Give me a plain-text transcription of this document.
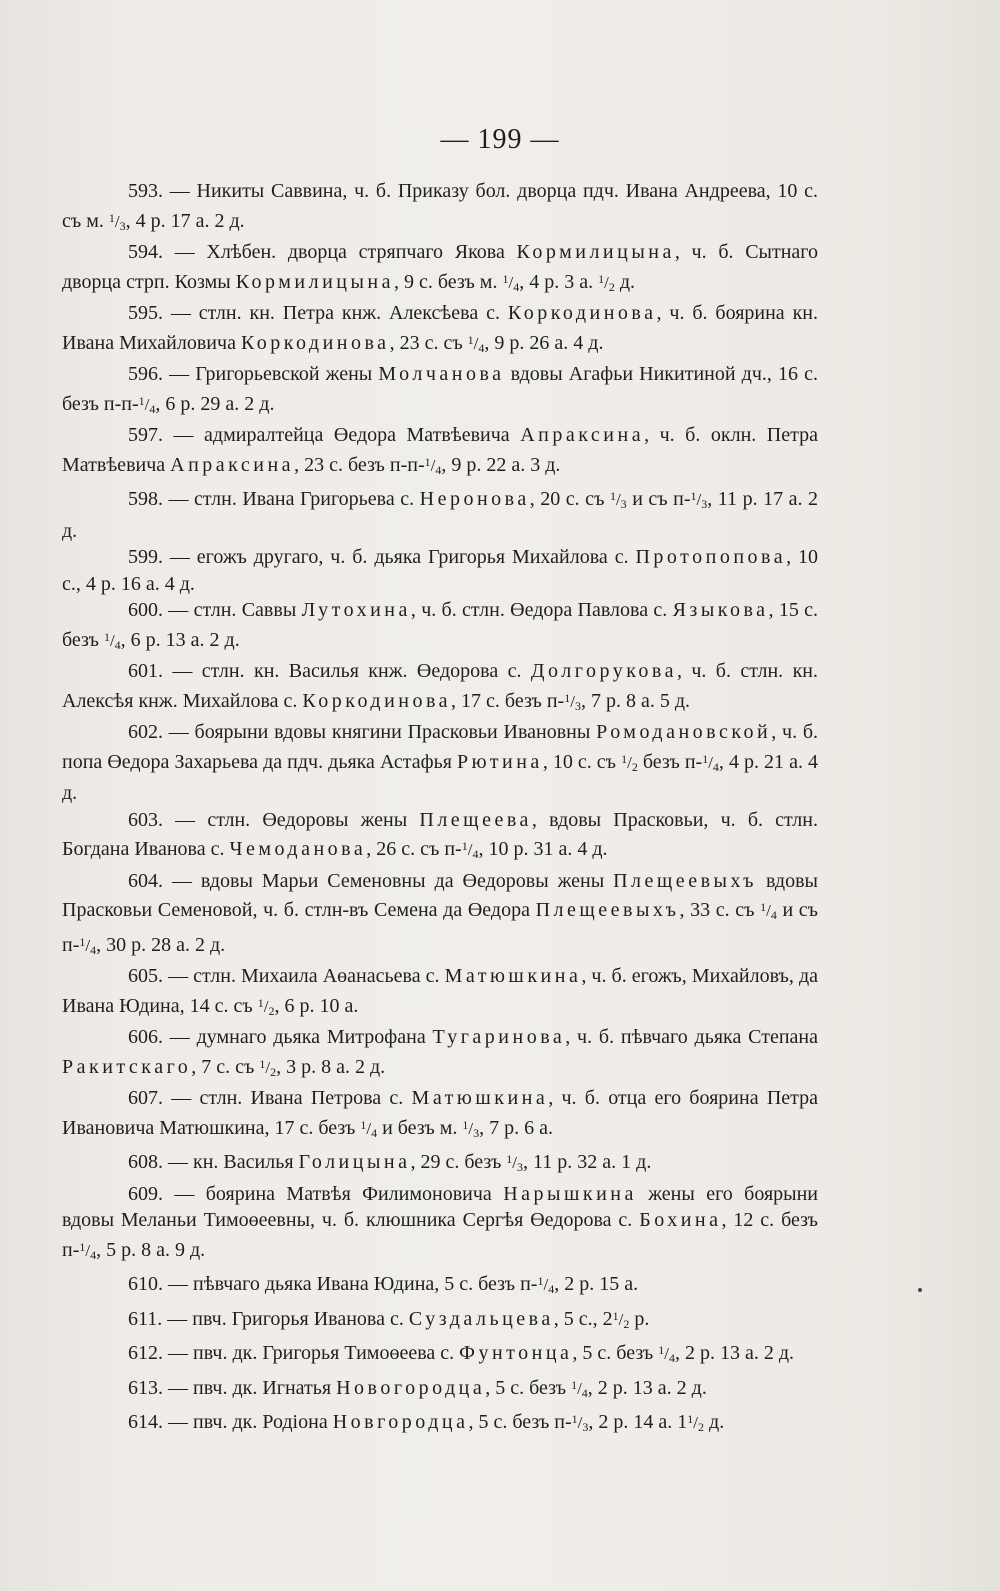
— 199 —

593. — Никиты Саввина, ч. б. Приказу бол. дворца пдч. Ивана Андреева, 10 с. съ м. $^1/_3$, 4 р. 17 а. 2 д.

594. — Хлѣбен. дворца стряпчаго Якова Кормилицына, ч. б. Сытнаго дворца стрп. Козмы Кормилицына, 9 с. безъ м. $^1/_4$, 4 р. 3 а. $^1/_2$ д.

595. — стлн. кн. Петра кнж. Алексѣева с. Коркодинова, ч. б. боярина кн. Ивана Михайловича Коркодинова, 23 с. съ $^1/_4$, 9 р. 26 а. 4 д.

596. — Григорьевской жены Молчанова вдовы Агафьи Никитиной дч., 16 с. безъ $п-п-^1/_4$, 6 р. 29 а. 2 д.

597. — адмиралтейца Өедора Матвѣевича Апраксина, ч. б. оклн. Петра Матвѣевича Апраксина, 23 с. безъ $п-п-^1/_4$, 9 р. 22 а. 3 д.

598. — стлн. Ивана Григорьева с. Неронова, 20 с. съ $^1/_3$ и съ $п-^1/_3$, 11 р. 17 а. 2 д.

599. — егожъ другаго, ч. б. дьяка Григорья Михайлова с. Протопопова, 10 с., 4 р. 16 а. 4 д.

600. — стлн. Саввы Лутохина, ч. б. стлн. Өедора Павлова с. Языкова, 15 с. безъ $^1/_4$, 6 р. 13 а. 2 д.

601. — стлн. кн. Василья кнж. Өедорова с. Долгорукова, ч. б. стлн. кн. Алексѣя кнж. Михайлова с. Коркодинова, 17 с. безъ $п-^1/_3$, 7 р. 8 а. 5 д.

602. — боярыни вдовы княгини Прасковьи Ивановны Ромодановской, ч. б. попа Өедора Захарьева да пдч. дьяка Астафья Рютина, 10 с. съ $^1/_2$ безъ $п-^1/_4$, 4 р. 21 а. 4 д.

603. — стлн. Өедоровы жены Плещеева, вдовы Прасковьи, ч. б. стлн. Богдана Иванова с. Чемоданова, 26 с. съ $п-^1/_4$, 10 р. 31 а. 4 д.

604. — вдовы Марьи Семеновны да Өедоровы жены Плещеевыхъ вдовы Прасковьи Семеновой, ч. б. стлн-въ Семена да Өедора Плещеевыхъ, 33 с. съ $^1/_4$ и съ $п-^1/_4$, 30 р. 28 а. 2 д.

605. — стлн. Михаила Аөанасьева с. Матюшкина, ч. б. егожъ, Михайловъ, да Ивана Юдина, 14 с. съ $^1/_2$, 6 р. 10 а.

606. — думнаго дьяка Митрофана Тугаринова, ч. б. пѣвчаго дьяка Степана Ракитскаго, 7 с. съ $^1/_2$, 3 р. 8 а. 2 д.

607. — стлн. Ивана Петрова с. Матюшкина, ч. б. отца его боярина Петра Ивановича Матюшкина, 17 с. безъ $^1/_4$ и безъ м. $^1/_3$, 7 р. 6 а.

608. — кн. Василья Голицына, 29 с. безъ $^1/_3$, 11 р. 32 а. 1 д.

609. — боярина Матвѣя Филимоновича Нарышкина жены его боярыни вдовы Меланьи Тимоөеевны, ч. б. клюшника Сергѣя Өедорова с. Бохина, 12 с. безъ $п-^1/_4$, 5 р. 8 а. 9 д.

610. — пѣвчаго дьяка Ивана Юдина, 5 с. безъ $п-^1/_4$, 2 р. 15 а.

611. — пвч. Григорья Иванова с. Суздальцева, 5 с., $2^1/_2$ р.

612. — пвч. дк. Григорья Тимоөеева с. Фунтонца, 5 с. безъ $^1/_4$, 2 р. 13 а. 2 д.

613. — пвч. дк. Игнатья Новогородца, 5 с. безъ $^1/_4$, 2 р. 13 а. 2 д.

614. — пвч. дк. Родіона Новгородца, 5 с. безъ $п-^1/_3$, 2 р. 14 а. $1^1/_2$ д.
